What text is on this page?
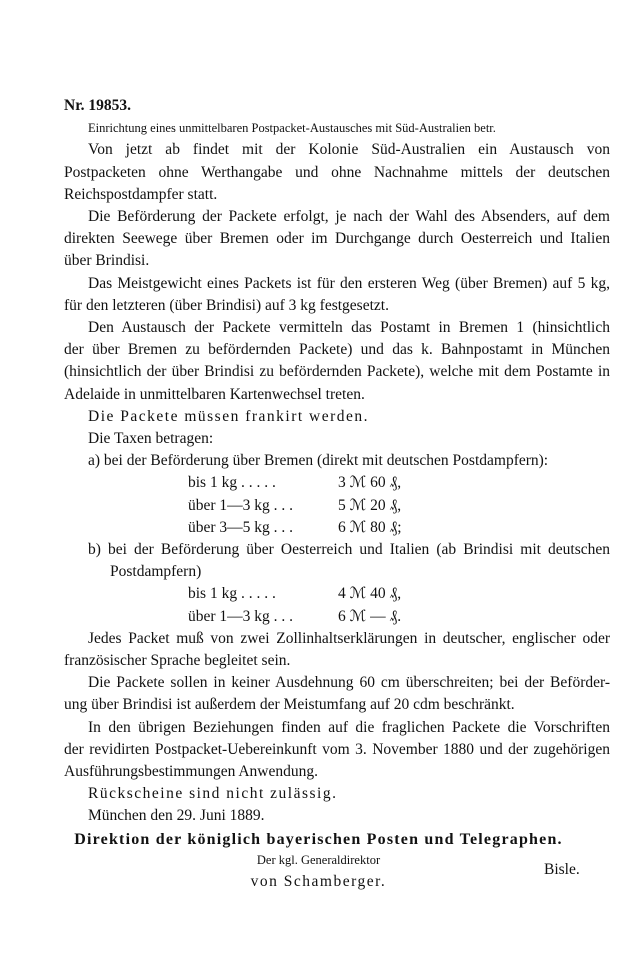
Nr. 19853.
Einrichtung eines unmittelbaren Postpacket-Austausches mit Süd-Australien betr.
Von jetzt ab findet mit der Kolonie Süd-Australien ein Austausch von
Postpacketen ohne Werthangabe und ohne Nachnahme mittels der deutschen
Reichspostdampfer statt.
Die Beförderung der Packete erfolgt, je nach der Wahl des Absenders, auf dem
direkten Seewege über Bremen oder im Durchgange durch Oesterreich und Italien
über Brindisi.
Das Meistgewicht eines Packets ist für den ersteren Weg (über Bremen) auf 5 kg,
für den letzteren (über Brindisi) auf 3 kg festgesetzt.
Den Austausch der Packete vermitteln das Postamt in Bremen 1 (hinsichtlich
der über Bremen zu befördernden Packete) und das k. Bahnpostamt in München
(hinsichtlich der über Brindisi zu befördernden Packete), welche mit dem Postamte in
Adelaide in unmittelbaren Kartenwechsel treten.
Die Packete müssen frankirt werden.
Die Taxen betragen:
a) bei der Beförderung über Bremen (direkt mit deutschen Postdampfern):
bis 1 kg . . . . .	3 ℳ 60 ₰,
über 1—3 kg . . .	5 ℳ 20 ₰,
über 3—5 kg . . .	6 ℳ 80 ₰;
b) bei der Beförderung über Oesterreich und Italien (ab Brindisi mit deutschen
Postdampfern)
bis 1 kg . . . . .	4 ℳ 40 ₰,
über 1—3 kg . . .	6 ℳ — ₰.
Jedes Packet muß von zwei Zollinhaltserklärungen in deutscher, englischer oder
französischer Sprache begleitet sein.
Die Packete sollen in keiner Ausdehnung 60 cm überschreiten; bei der Beförder-
ung über Brindisi ist außerdem der Meistumfang auf 20 cdm beschränkt.
In den übrigen Beziehungen finden auf die fraglichen Packete die Vorschriften
der revidirten Postpacket-Uebereinkunft vom 3. November 1880 und der zugehörigen
Ausführungsbestimmungen Anwendung.
Rückscheine sind nicht zulässig.
München den 29. Juni 1889.
Direktion der königlich bayerischen Posten und Telegraphen.
Der kgl. Generaldirektor
von Schamberger.
Bisle.
